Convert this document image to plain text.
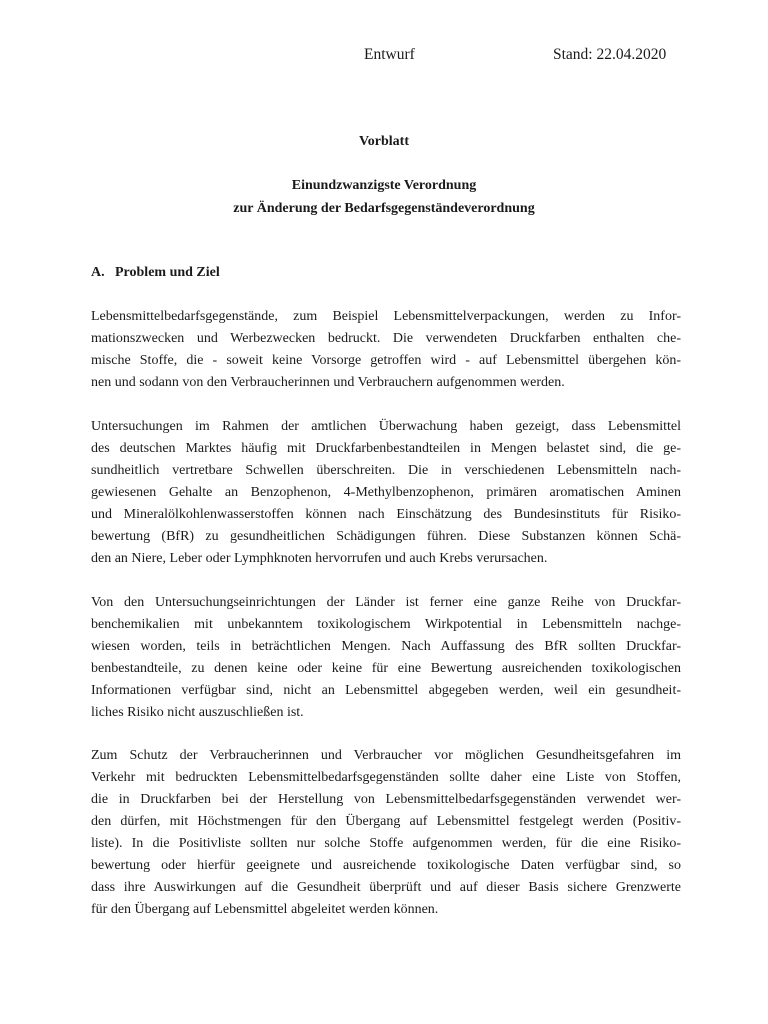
Entwurf	Stand: 22.04.2020
Vorblatt
Einundzwanzigste Verordnung
zur Änderung der Bedarfsgegenständeverordnung
A. Problem und Ziel
Lebensmittelbedarfsgegenstände, zum Beispiel Lebensmittelverpackungen, werden zu Infor-
mationszwecken und Werbezwecken bedruckt. Die verwendeten Druckfarben enthalten che-
mische Stoffe, die - soweit keine Vorsorge getroffen wird - auf Lebensmittel übergehen kön-
nen und sodann von den Verbraucherinnen und Verbrauchern aufgenommen werden.
Untersuchungen im Rahmen der amtlichen Überwachung haben gezeigt, dass Lebensmittel
des deutschen Marktes häufig mit Druckfarbenbestandteilen in Mengen belastet sind, die ge-
sundheitlich vertretbare Schwellen überschreiten. Die in verschiedenen Lebensmitteln nach-
gewiesenen Gehalte an Benzophenon, 4-Methylbenzophenon, primären aromatischen Aminen
und Mineralölkohlenwasserstoffen können nach Einschätzung des Bundesinstituts für Risiko-
bewertung (BfR) zu gesundheitlichen Schädigungen führen. Diese Substanzen können Schä-
den an Niere, Leber oder Lymphknoten hervorrufen und auch Krebs verursachen.
Von den Untersuchungseinrichtungen der Länder ist ferner eine ganze Reihe von Druckfar-
benchemikalien mit unbekanntem toxikologischem Wirkpotential in Lebensmitteln nachge-
wiesen worden, teils in beträchtlichen Mengen. Nach Auffassung des BfR sollten Druckfar-
benbestandteile, zu denen keine oder keine für eine Bewertung ausreichenden toxikologischen
Informationen verfügbar sind, nicht an Lebensmittel abgegeben werden, weil ein gesundheit-
liches Risiko nicht auszuschließen ist.
Zum Schutz der Verbraucherinnen und Verbraucher vor möglichen Gesundheitsgefahren im
Verkehr mit bedruckten Lebensmittelbedarfsgegenständen sollte daher eine Liste von Stoffen,
die in Druckfarben bei der Herstellung von Lebensmittelbedarfsgegenständen verwendet wer-
den dürfen, mit Höchstmengen für den Übergang auf Lebensmittel festgelegt werden (Positiv-
liste). In die Positivliste sollten nur solche Stoffe aufgenommen werden, für die eine Risiko-
bewertung oder hierfür geeignete und ausreichende toxikologische Daten verfügbar sind, so
dass ihre Auswirkungen auf die Gesundheit überprüft und auf dieser Basis sichere Grenzwerte
für den Übergang auf Lebensmittel abgeleitet werden können.
